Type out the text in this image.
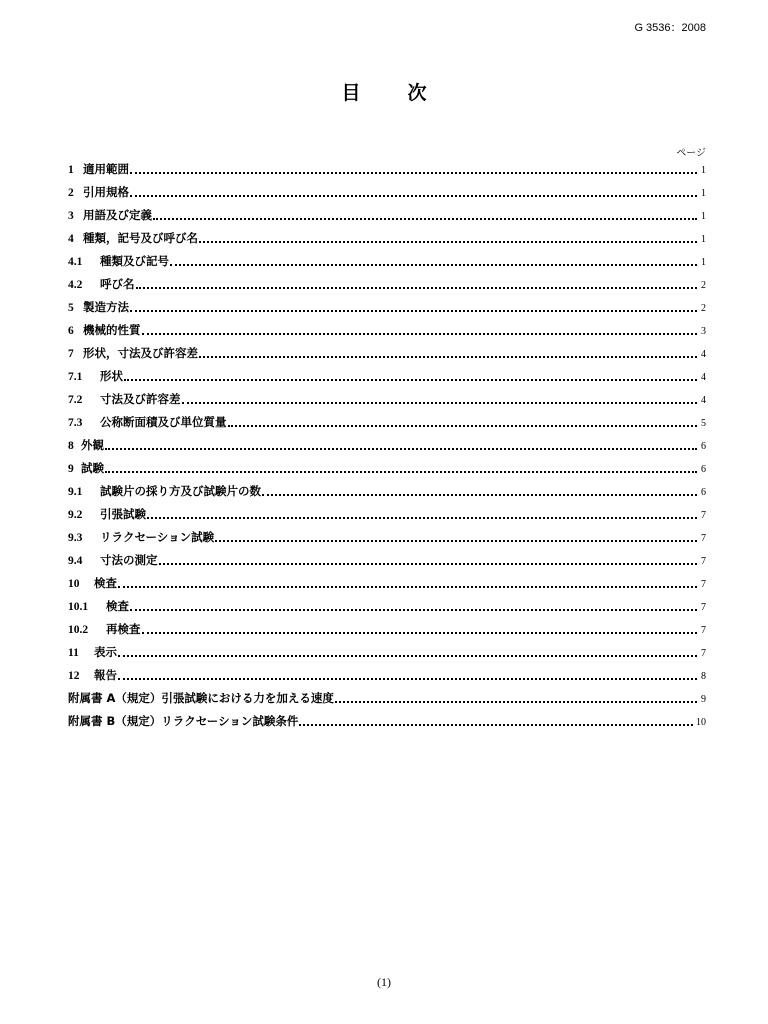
G 3536：2008
目　次
ページ
1 適用範囲	1
2 引用規格	1
3 用語及び定義	1
4 種類，記号及び呼び名	1
4.1	種類及び記号	1
4.2	呼び名	2
5 製造方法	2
6 機械的性質	3
7 形状，寸法及び許容差	4
7.1	形状	4
7.2	寸法及び許容差	4
7.3	公称断面積及び単位質量	5
8 外観	6
9 試験	6
9.1	試験片の採り方及び試験片の数	6
9.2	引張試験	7
9.3	リラクセーション試験	7
9.4	寸法の測定	7
10	検査	7
10.1	検査	7
10.2	再検査	7
11	表示	7
12	報告	8
附属書 A（規定）引張試験における力を加える速度	9
附属書 B（規定）リラクセーション試験条件	10
(1)
